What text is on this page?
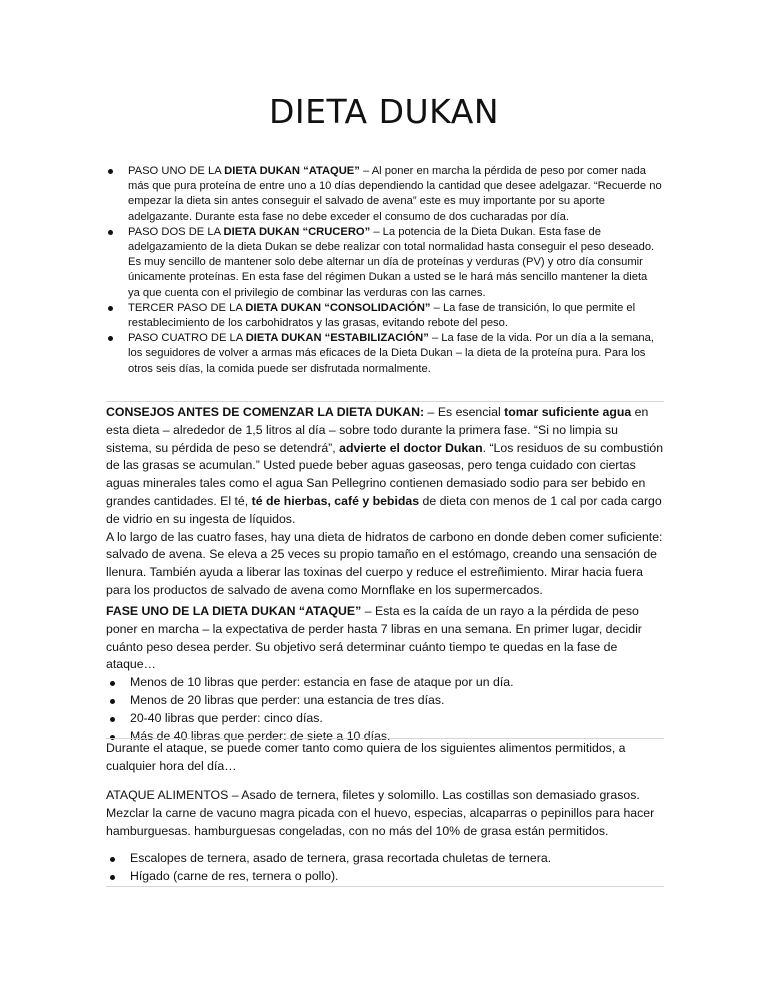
DIETA DUKAN
PASO UNO DE LA DIETA DUKAN “ATAQUE” – Al poner en marcha la pérdida de peso por comer nada más que pura proteína de entre uno a 10 días dependiendo la cantidad que desee adelgazar. “Recuerde no empezar la dieta sin antes conseguir el salvado de avena” este es muy importante por su aporte adelgazante. Durante esta fase no debe exceder el consumo de dos cucharadas por día.
PASO DOS DE LA DIETA DUKAN “CRUCERO” – La potencia de la Dieta Dukan. Esta fase de adelgazamiento de la dieta Dukan se debe realizar con total normalidad hasta conseguir el peso deseado. Es muy sencillo de mantener solo debe alternar un día de proteínas y verduras (PV) y otro día consumir únicamente proteínas. En esta fase del régimen Dukan a usted se le hará más sencillo mantener la dieta ya que cuenta con el privilegio de combinar las verduras con las carnes.
TERCER PASO DE LA DIETA DUKAN “CONSOLIDACIÓN” – La fase de transición, lo que permite el restablecimiento de los carbohidratos y las grasas, evitando rebote del peso.
PASO CUATRO DE LA DIETA DUKAN “ESTABILIZACIÓN” – La fase de la vida. Por un día a la semana, los seguidores de volver a armas más eficaces de la Dieta Dukan – la dieta de la proteína pura. Para los otros seis días, la comida puede ser disfrutada normalmente.
CONSEJOS ANTES DE COMENZAR LA DIETA DUKAN: – Es esencial tomar suficiente agua en esta dieta – alrededor de 1,5 litros al día – sobre todo durante la primera fase. “Si no limpia su sistema, su pérdida de peso se detendrá”, advierte el doctor Dukan. “Los residuos de su combustión de las grasas se acumulan.” Usted puede beber aguas gaseosas, pero tenga cuidado con ciertas aguas minerales tales como el agua San Pellegrino contienen demasiado sodio para ser bebido en grandes cantidades. El té, té de hierbas, café y bebidas de dieta con menos de 1 cal por cada cargo de vidrio en su ingesta de líquidos.
A lo largo de las cuatro fases, hay una dieta de hidratos de carbono en donde deben comer suficiente: salvado de avena. Se eleva a 25 veces su propio tamaño en el estómago, creando una sensación de llenura. También ayuda a liberar las toxinas del cuerpo y reduce el estreñimiento. Mirar hacia fuera para los productos de salvado de avena como Mornflake en los supermercados.
FASE UNO DE LA DIETA DUKAN “ATAQUE” – Esta es la caída de un rayo a la pérdida de peso poner en marcha – la expectativa de perder hasta 7 libras en una semana. En primer lugar, decidir cuánto peso desea perder. Su objetivo será determinar cuánto tiempo te quedas en la fase de ataque…
Menos de 10 libras que perder: estancia en fase de ataque por un día.
Menos de 20 libras que perder: una estancia de tres días.
20-40 libras que perder: cinco días.
Más de 40 libras que perder: de siete a 10 días.
Durante el ataque, se puede comer tanto como quiera de los siguientes alimentos permitidos, a cualquier hora del día…
ATAQUE ALIMENTOS – Asado de ternera, filetes y solomillo. Las costillas son demasiado grasos. Mezclar la carne de vacuno magra picada con el huevo, especias, alcaparras o pepinillos para hacer hamburguesas. hamburguesas congeladas, con no más del 10% de grasa están permitidos.
Escalopes de ternera, asado de ternera, grasa recortada chuletas de ternera.
Hígado (carne de res, ternera o pollo).
